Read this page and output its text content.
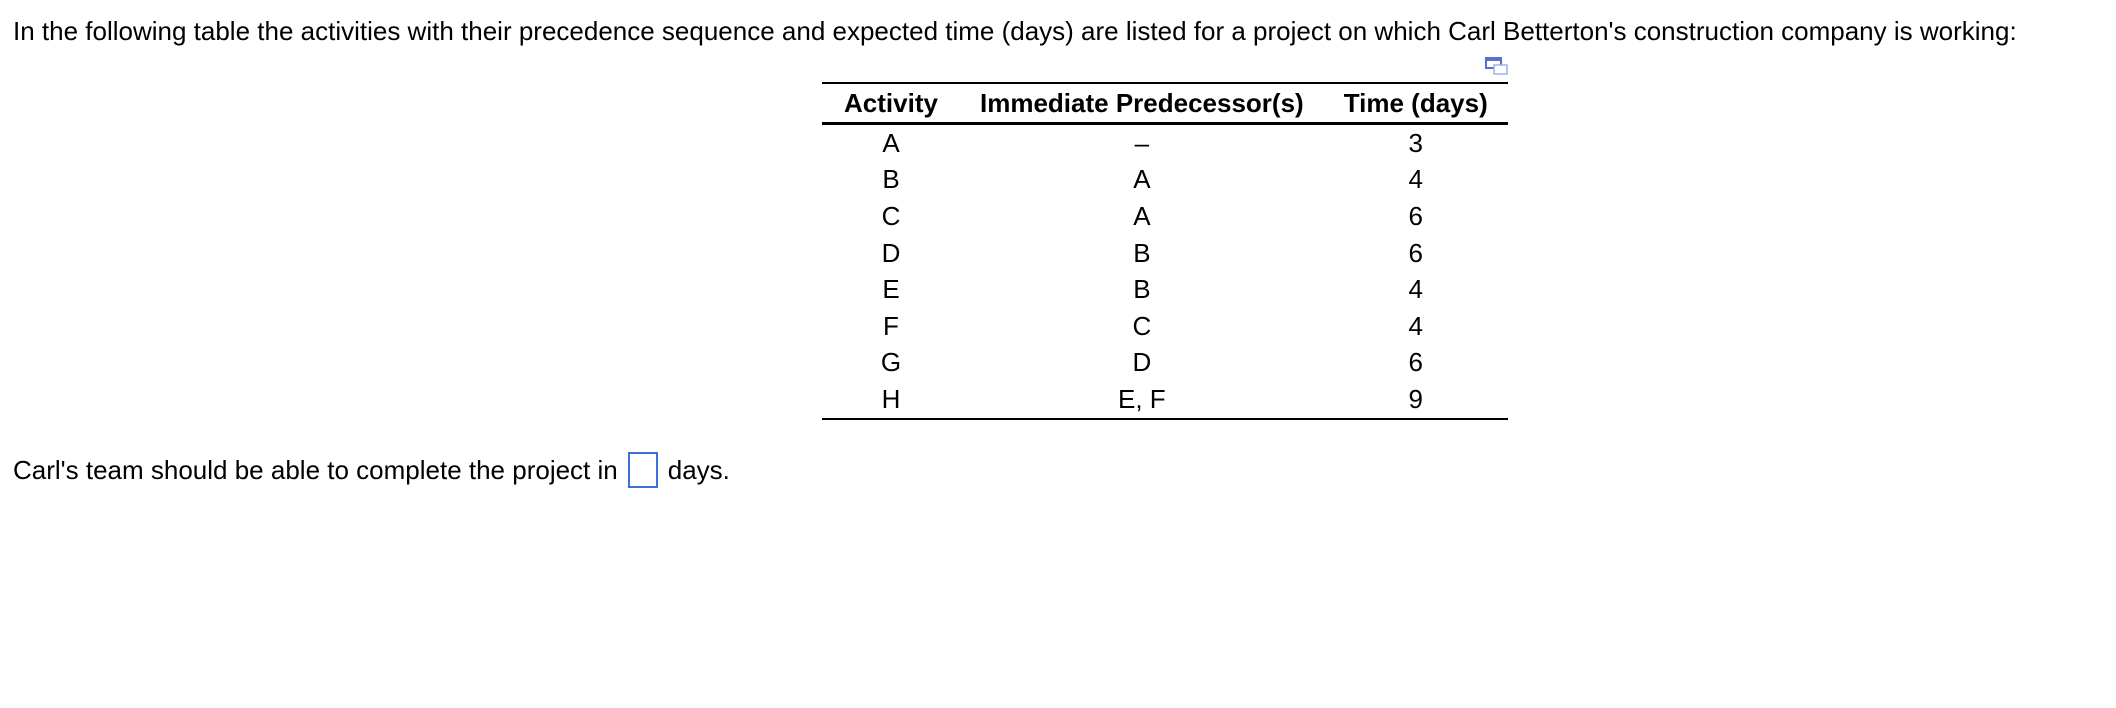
In the following table the activities with their precedence sequence and expected time (days) are listed for a project on which Carl Betterton's construction company is working:
Activity	Immediate Predecessor(s)	Time (days)
A	–	3
B	A	4
C	A	6
D	B	6
E	B	4
F	C	4
G	D	6
H	E, F	9
Carl's team should be able to complete the project in days.
